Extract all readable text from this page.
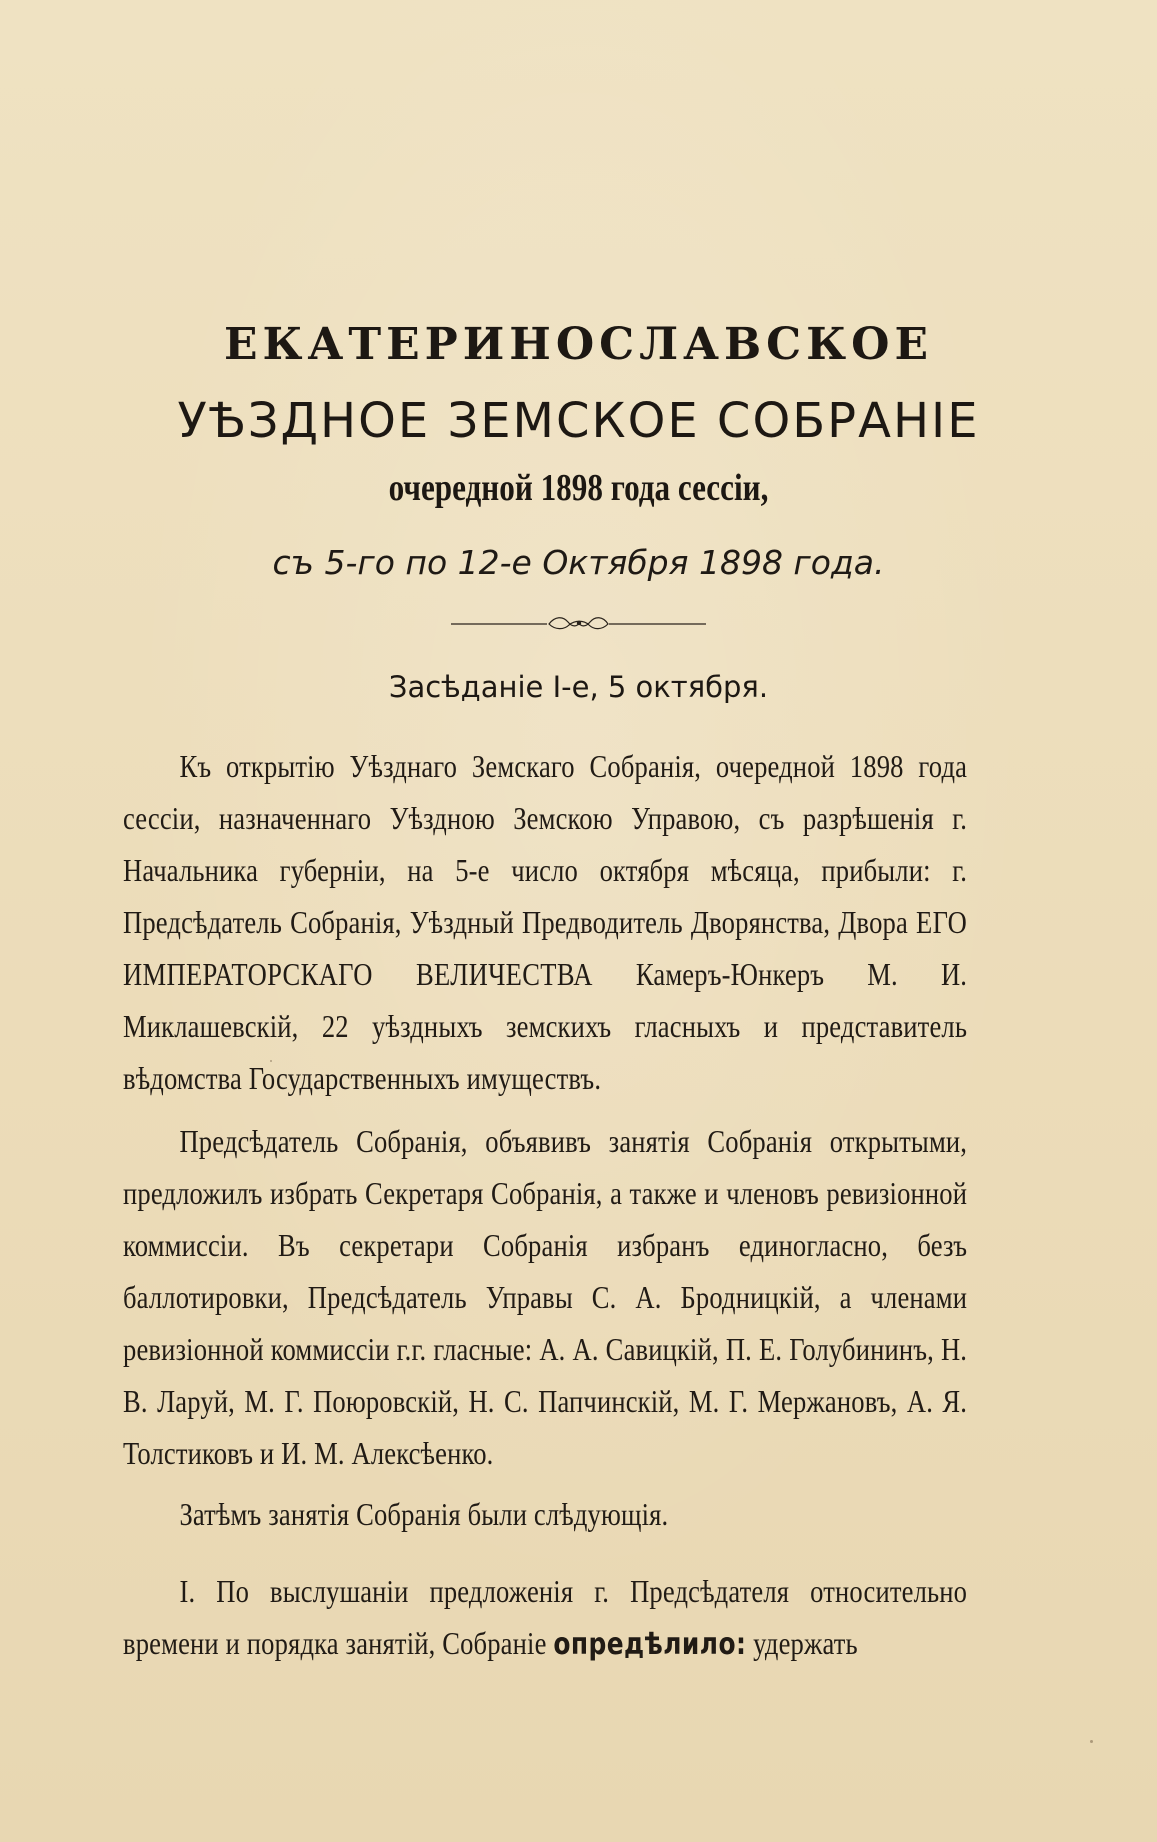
ЕКАТЕРИНОСЛАВСКОЕ
УѢЗДНОЕ ЗЕМСКОЕ СОБРАНІЕ
очередной 1898 года сессіи,
съ 5-го по 12-е Октября 1898 года.
Засѣданіе І-е, 5 октября.
Къ открытію Уѣзднаго Земскаго Собранія, очередной 1898 года сессіи, назначеннаго Уѣздною Земскою Управою, съ разрѣшенія г. Начальника губерніи, на 5-е число октября мѣсяца, прибыли: г. Предсѣдатель Собранія, Уѣздный Предводитель Дворянства, Двора ЕГО ИМПЕРАТОРСКАГО ВЕЛИЧЕСТВА Камеръ-Юнкеръ М. И. Миклашевскій, 22 уѣздныхъ земскихъ гласныхъ и представитель вѣдомства Государственныхъ имуществъ.
Предсѣдатель Собранія, объявивъ занятія Собранія открытыми, предложилъ избрать Секретаря Собранія, а также и членовъ ревизіонной коммиссіи. Въ секретари Собранія избранъ единогласно, безъ баллотировки, Предсѣдатель Управы С. А. Бродницкій, а членами ревизіонной коммиссіи г.г. гласные: А. А. Савицкій, П. Е. Голубининъ, Н. В. Ларуй, М. Г. Поюровскій, Н. С. Папчинскій, М. Г. Мержановъ, А. Я. Толстиковъ и И. М. Алексѣенко.
Затѣмъ занятія Собранія были слѣдующія.
І. По выслушаніи предложенія г. Предсѣдателя относительно времени и порядка занятій, Собраніе опредѣлило: удержать
